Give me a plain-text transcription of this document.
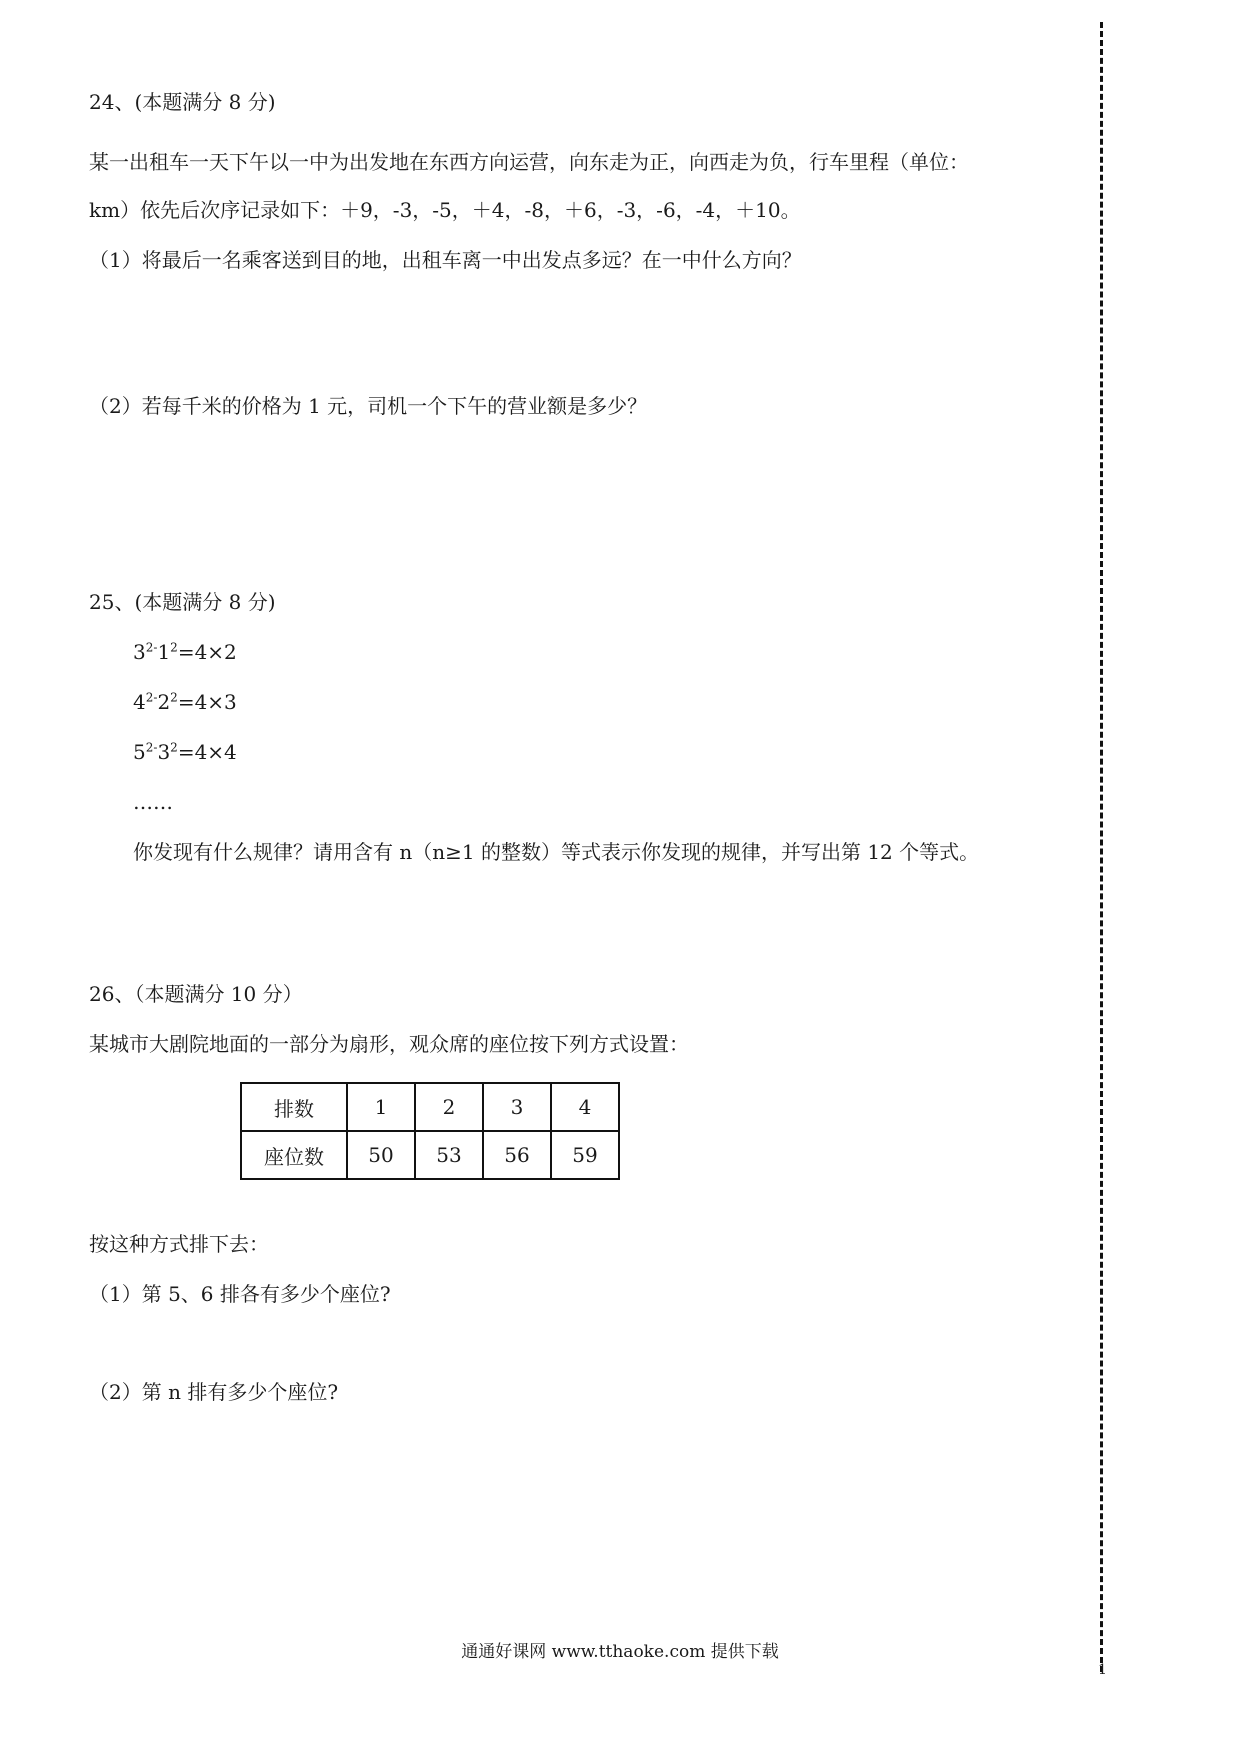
24、(本题满分 8 分)
某一出租车一天下午以一中为出发地在东西方向运营，向东走为正，向西走为负，行车里程（单位：
km）依先后次序记录如下：＋9，-3，-5，＋4，-8，＋6，-3，-6，-4，＋10。
（1）将最后一名乘客送到目的地，出租车离一中出发点多远？在一中什么方向？
（2）若每千米的价格为 1 元，司机一个下午的营业额是多少？
25、(本题满分 8 分)
$3^{2-}1^2=4\times 2$
$4^{2-}2^2=4\times 3$
$5^{2-}3^2=4\times 4$
……
你发现有什么规律？请用含有 n（n≥1 的整数）等式表示你发现的规律，并写出第 12 个等式。
26、（本题满分 10 分）
某城市大剧院地面的一部分为扇形，观众席的座位按下列方式设置：
排数	1	2	3	4
座位数	50	53	56	59
按这种方式排下去：
（1）第 5、6 排各有多少个座位?
（2）第 n 排有多少个座位?
1
通通好课网 www.tthaoke.com 提供下载
